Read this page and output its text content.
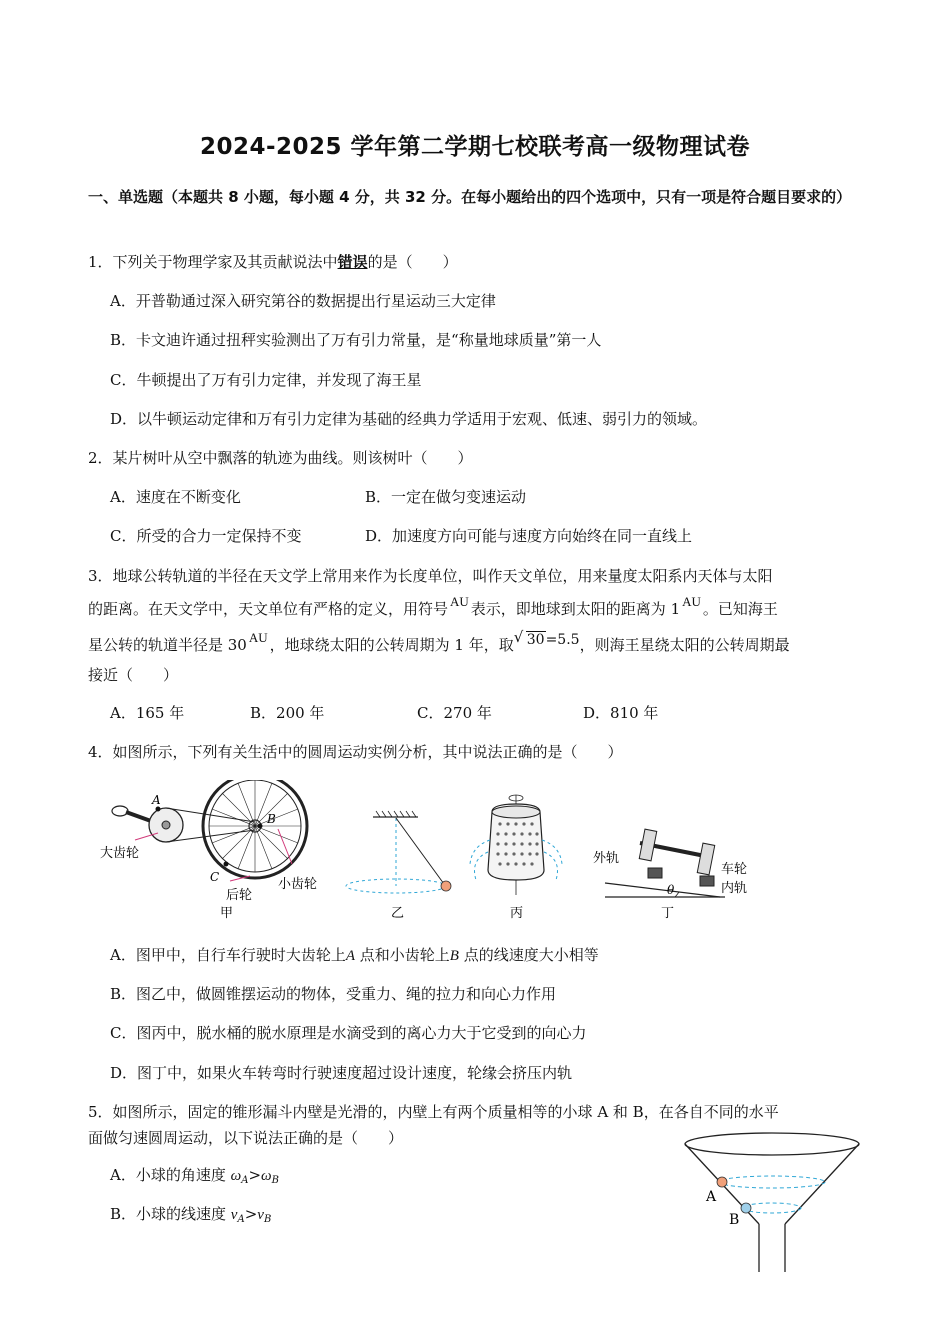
2024-2025 学年第二学期七校联考高一级物理试卷
一、单选题（本题共 8 小题，每小题 4 分，共 32 分。在每小题给出的四个选项中，只有一项是符合题目要求的）
1．下列关于物理学家及其贡献说法中错误的是（　　）
A．开普勒通过深入研究第谷的数据提出行星运动三大定律
B．卡文迪许通过扭秤实验测出了万有引力常量，是“称量地球质量”第一人
C．牛顿提出了万有引力定律，并发现了海王星
D．以牛顿运动定律和万有引力定律为基础的经典力学适用于宏观、低速、弱引力的领域。
2．某片树叶从空中飘落的轨迹为曲线。则该树叶（　　）
A．速度在不断变化	B．一定在做匀变速运动
C．所受的合力一定保持不变	D．加速度方向可能与速度方向始终在同一直线上
3．地球公转轨道的半径在天文学上常用来作为长度单位，叫作天文单位，用来量度太阳系内天体与太阳
的距离。在天文学中，天文单位有严格的定义，用符号 AU 表示，即地球到太阳的距离为 1 AU 。已知海王
星公转的轨道半径是 30 AU ，地球绕太阳的公转周期为 1 年，取 √ 30=5.5，则海王星绕太阳的公转周期最
接近（　　）
A．165 年	B．200 年	C．270 年	D．810 年
4．如图所示，下列有关生活中的圆周运动实例分析，其中说法正确的是（　　）
A
B
C
大齿轮
后轮
小齿轮
甲	乙	丙
外轨
车轮
内轨
θ
丁
A．图甲中，自行车行驶时大齿轮上A 点和小齿轮上B 点的线速度大小相等
B．图乙中，做圆锥摆运动的物体，受重力、绳的拉力和向心力作用
C．图丙中，脱水桶的脱水原理是水滴受到的离心力大于它受到的向心力
D．图丁中，如果火车转弯时行驶速度超过设计速度，轮缘会挤压内轨
5．如图所示，固定的锥形漏斗内壁是光滑的，内壁上有两个质量相等的小球 A 和 B，在各自不同的水平
面做匀速圆周运动，以下说法正确的是（　　）
A．小球的角速度 $\omega_A>\omega_B$
B．小球的线速度 $v_A>v_B$
A
B
